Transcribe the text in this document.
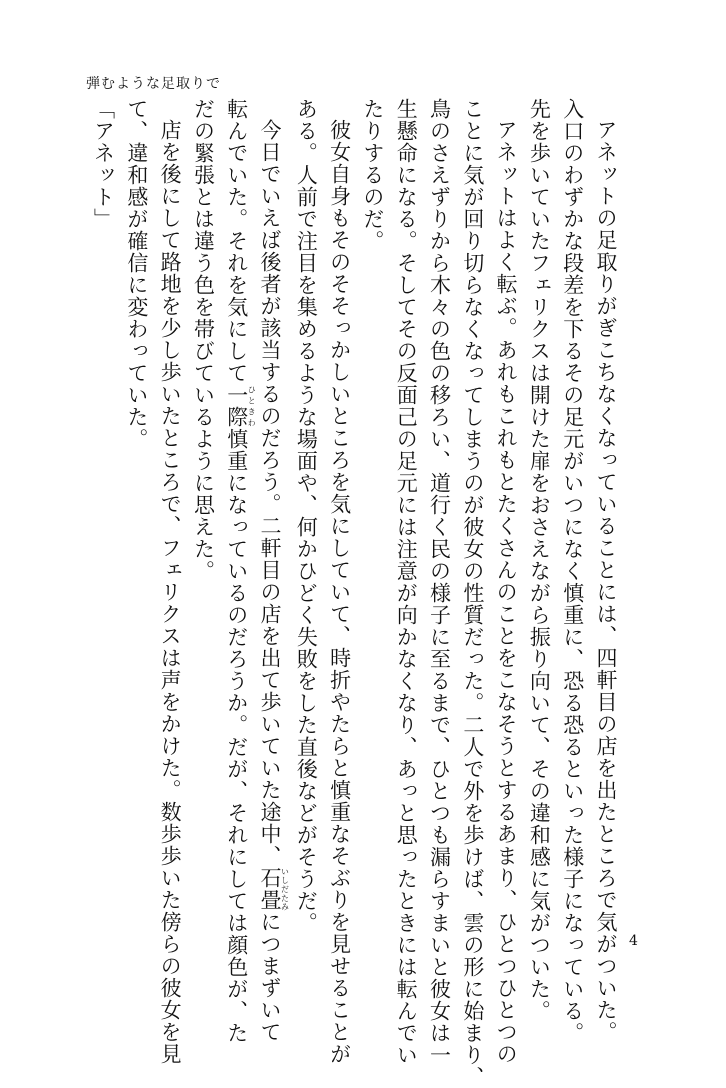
弾むような足取りで
アネットの足取りがぎこちなくなっていることには、四軒目の店を出たところで気がついた。
入口のわずかな段差を下るその足元がいつになく慎重に、恐る恐るといった様子になっている。
先を歩いていたフェリクスは開けた扉をおさえながら振り向いて、その違和感に気がついた。
アネットはよく転ぶ。あれもこれもとたくさんのことをこなそうとするあまり、ひとつひとつの
ことに気が回り切らなくなってしまうのが彼女の性質だった。二人で外を歩けば、雲の形に始まり、
鳥のさえずりから木々の色の移ろい、道行く民の様子に至るまで、ひとつも漏らすまいと彼女は一
生懸命になる。そしてその反面己の足元には注意が向かなくなり、あっと思ったときには転んでい
たりするのだ。
彼女自身もそのそそっかしいところを気にしていて、時折やたらと慎重なそぶりを見せることが
ある。人前で注目を集めるような場面や、何かひどく失敗をした直後などがそうだ。
今日でいえば後者が該当するのだろう。二軒目の店を出て歩いていた途中、石畳いしだたみにつまずいて
転んでいた。それを気にして一際ひときわ慎重になっているのだろうか。だが、それにしては顔色が、た
だの緊張とは違う色を帯びているように思えた。
店を後にして路地を少し歩いたところで、フェリクスは声をかけた。数歩歩いた傍らの彼女を見
て、違和感が確信に変わっていた。
「アネット」
4
